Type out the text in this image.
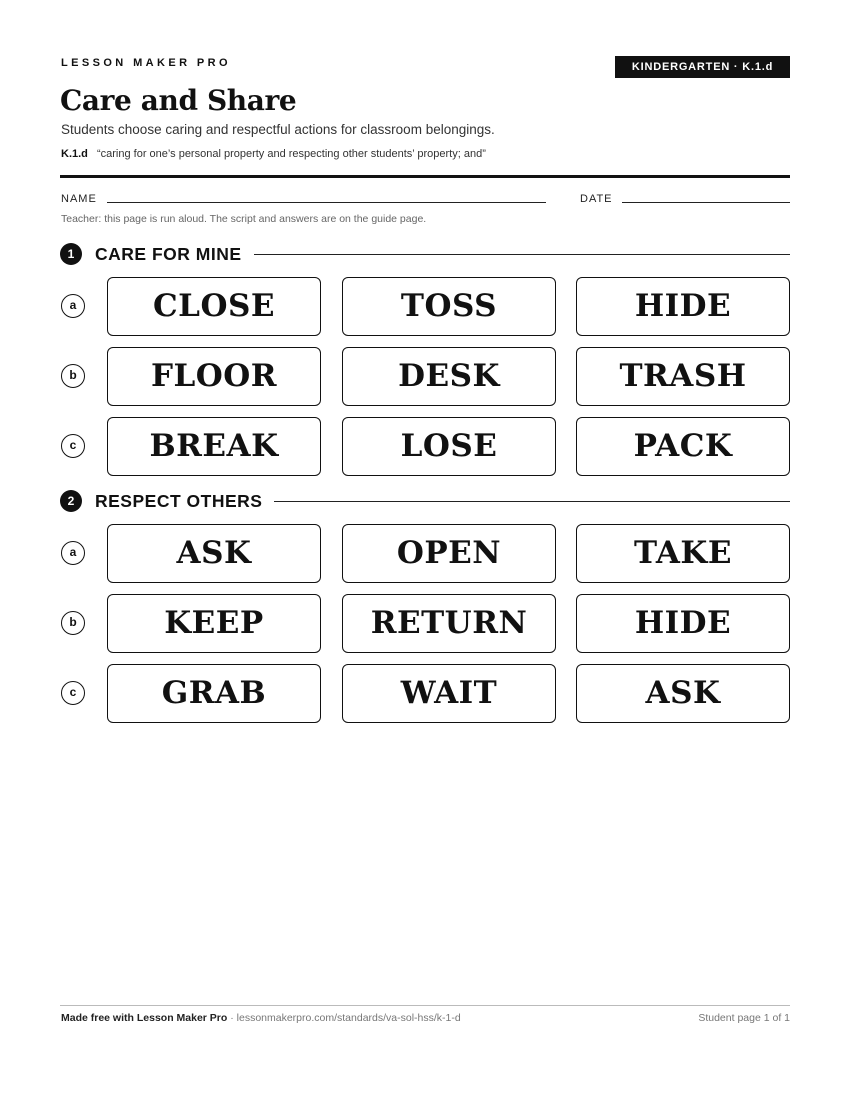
LESSON MAKER PRO	KINDERGARTEN · K.1.d
Care and Share
Students choose caring and respectful actions for classroom belongings.
K.1.d “caring for one’s personal property and respecting other students’ property; and”
NAME	DATE
Teacher: this page is run aloud. The script and answers are on the guide page.
1	CARE FOR MINE
a	CLOSE	TOSS	HIDE
b	FLOOR	DESK	TRASH
c	BREAK	LOSE	PACK
2	RESPECT OTHERS
a	ASK	OPEN	TAKE
b	KEEP	RETURN	HIDE
c	GRAB	WAIT	ASK
Made free with Lesson Maker Pro · lessonmakerpro.com/standards/va-sol-hss/k-1-d	Student page 1 of 1
